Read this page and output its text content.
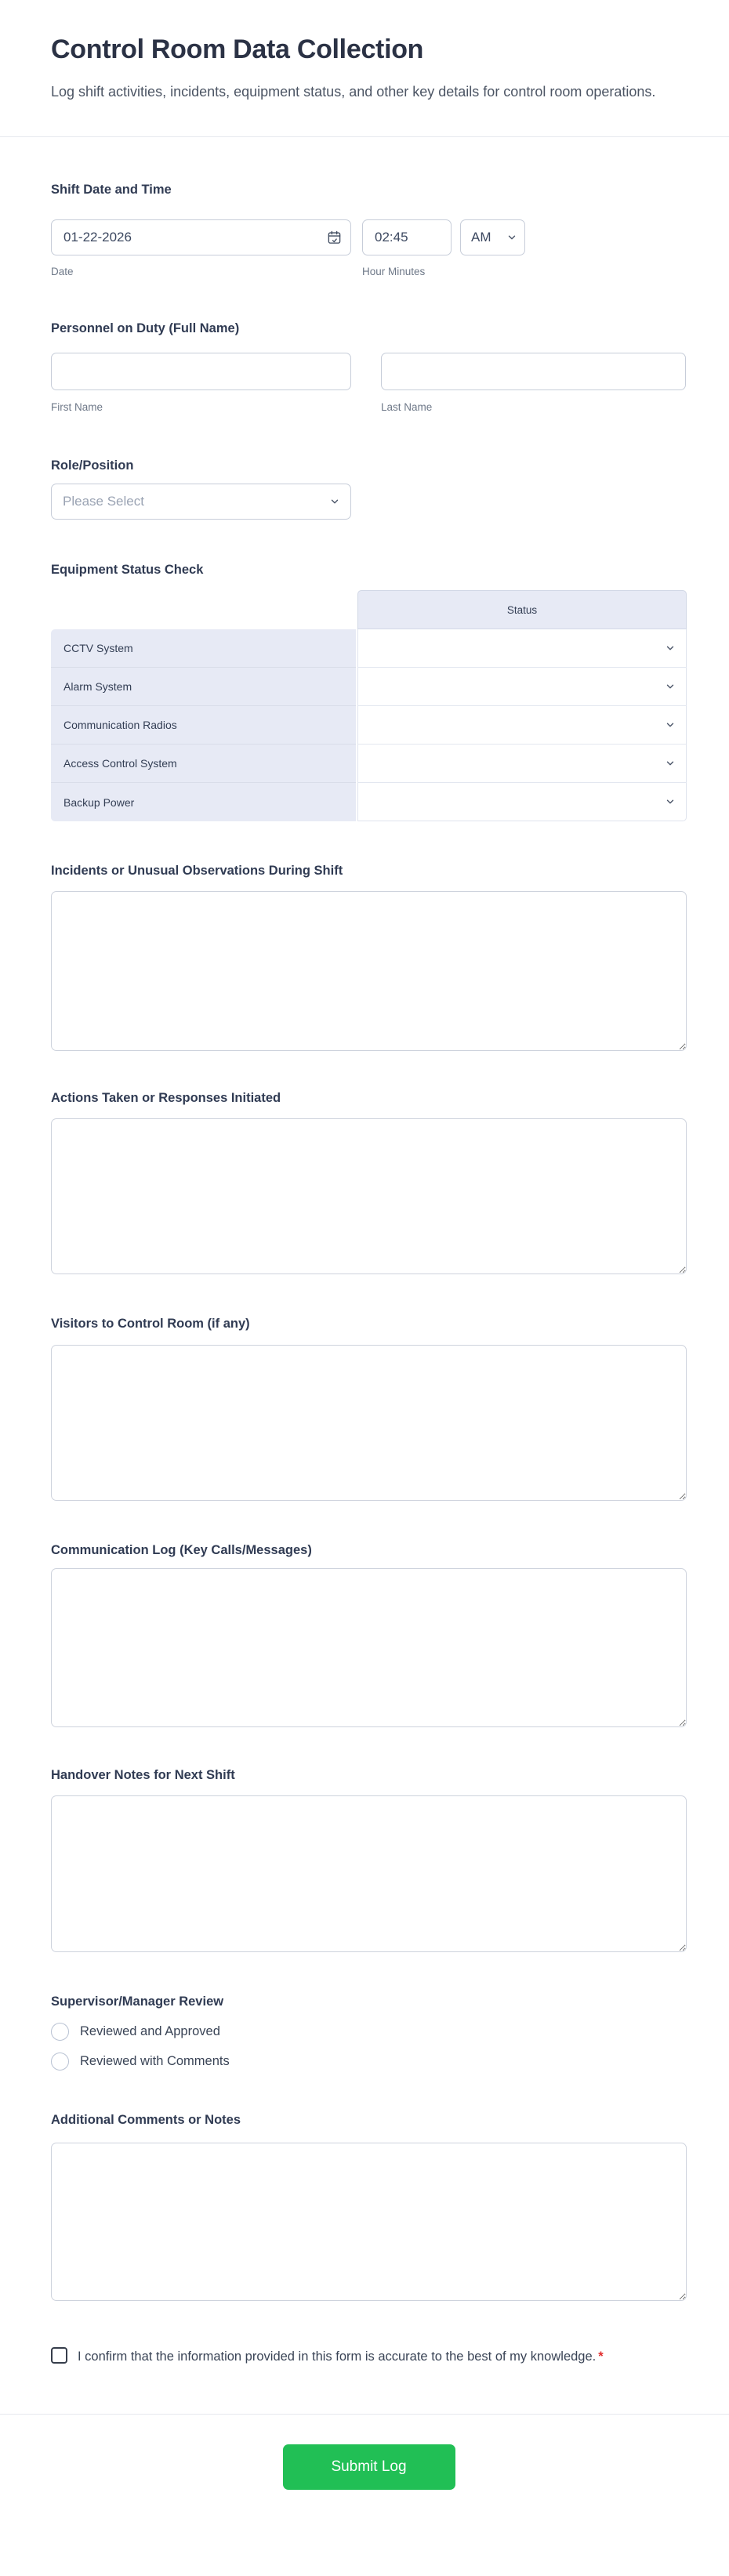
Control Room Data Collection

Log shift activities, incidents, equipment status, and other key details for control room operations.

Shift Date and Time
01-22-2026
02:45
AM
Date	Hour Minutes
Personnel on Duty (Full Name)
First Name	Last Name
Role/Position
Please Select
Equipment Status Check
Status
CCTV System
Alarm System
Communication Radios
Access Control System
Backup Power
Incidents or Unusual Observations During Shift
Actions Taken or Responses Initiated
Visitors to Control Room (if any)
Communication Log (Key Calls/Messages)
Handover Notes for Next Shift
Supervisor/Manager Review
Reviewed and Approved
Reviewed with Comments
Additional Comments or Notes
I confirm that the information provided in this form is accurate to the best of my knowledge. *
Submit Log
